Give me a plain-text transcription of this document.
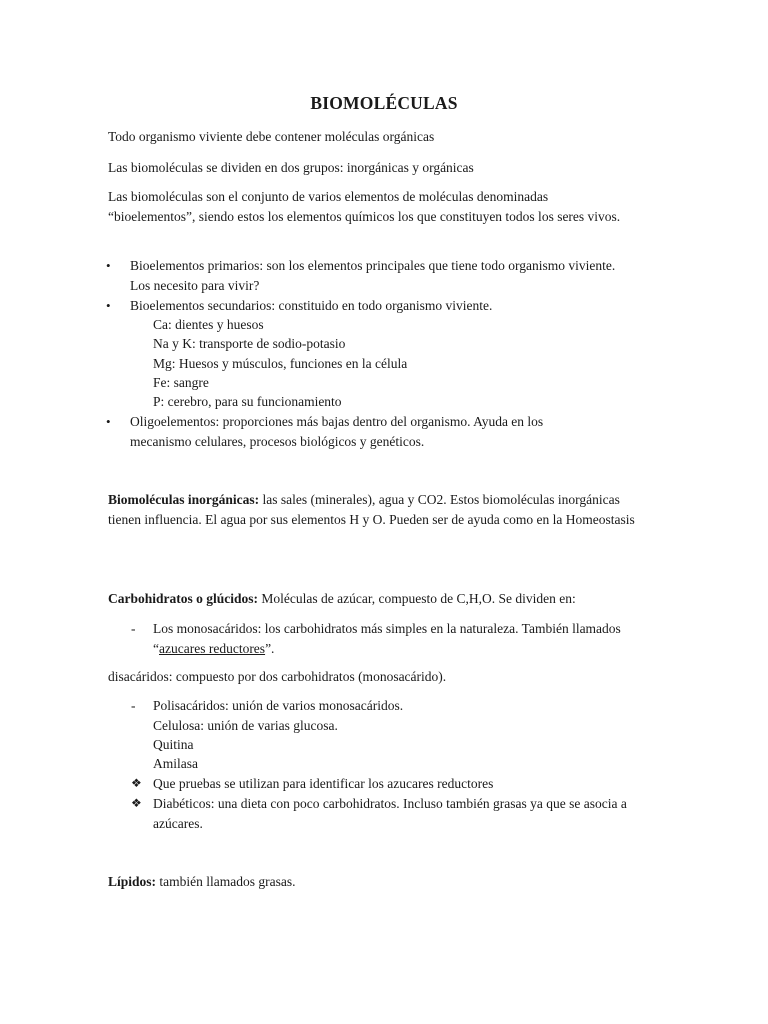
BIOMOLÉCULAS
Todo organismo viviente debe contener moléculas orgánicas
Las biomoléculas se dividen en dos grupos: inorgánicas y orgánicas
Las biomoléculas son el conjunto de varios elementos de moléculas denominadas “bioelementos”, siendo estos los elementos químicos los que constituyen todos los seres vivos.
• Bioelementos primarios: son los elementos principales que tiene todo organismo viviente. Los necesito para vivir?
• Bioelementos secundarios: constituido en todo organismo viviente.
Ca: dientes y huesos
Na y K: transporte de sodio-potasio
Mg: Huesos y músculos, funciones en la célula
Fe: sangre
P: cerebro, para su funcionamiento
• Oligoelementos: proporciones más bajas dentro del organismo. Ayuda en los mecanismo celulares, procesos biológicos y genéticos.
Biomoléculas inorgánicas: las sales (minerales), agua y CO2. Estos biomoléculas inorgánicas tienen influencia. El agua por sus elementos H y O. Pueden ser de ayuda como en la Homeostasis
Carbohidratos o glúcidos: Moléculas de azúcar, compuesto de C,H,O. Se dividen en:
- Los monosacáridos: los carbohidratos más simples en la naturaleza. También llamados “azucares reductores”.
disacáridos: compuesto por dos carbohidratos (monosacárido).
- Polisacáridos: unión de varios monosacáridos.
Celulosa: unión de varias glucosa.
Quitina
Amilasa
❖ Que pruebas se utilizan para identificar los azucares reductores
❖ Diabéticos: una dieta con poco carbohidratos. Incluso también grasas ya que se asocia a azúcares.
Lípidos: también llamados grasas.
